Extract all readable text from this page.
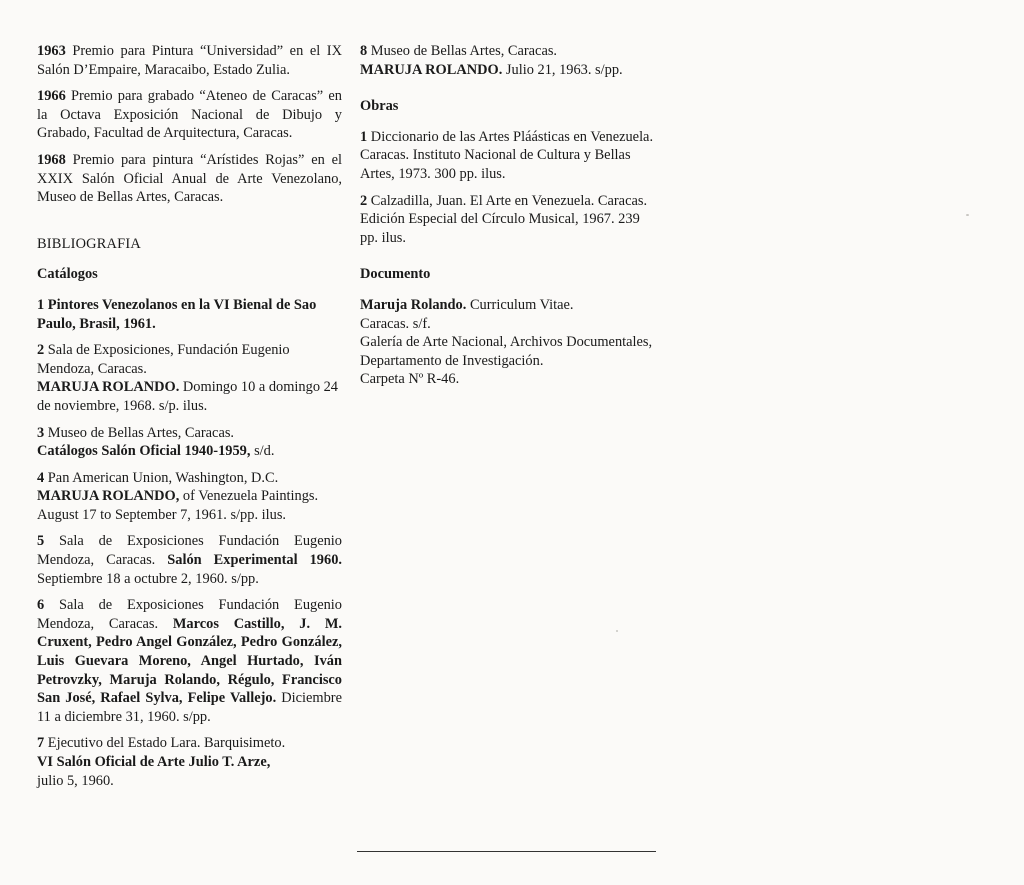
1963 Premio para Pintura “Universidad” en el IX Salón D’Empaire, Maracaibo, Estado Zulia.

1966 Premio para grabado “Ateneo de Caracas” en la Octava Exposición Nacional de Dibujo y Grabado, Facultad de Arquitectura, Caracas.

1968 Premio para pintura “Arístides Rojas” en el XXIX Salón Oficial Anual de Arte Venezolano, Museo de Bellas Artes, Caracas.

BIBLIOGRAFIA
Catálogos

1 Pintores Venezolanos en la VI Bienal de Sao Paulo, Brasil, 1961.

2 Sala de Exposiciones, Fundación Eugenio Mendoza, Caracas.
MARUJA ROLANDO. Domingo 10 a domingo 24 de noviembre, 1968. s/p. ilus.

3 Museo de Bellas Artes, Caracas.
Catálogos Salón Oficial 1940-1959, s/d.

4 Pan American Union, Washington, D.C.
MARUJA ROLANDO, of Venezuela Paintings. August 17 to September 7, 1961. s/pp. ilus.

5 Sala de Exposiciones Fundación Eugenio Mendoza, Caracas. Salón Experimental 1960. Septiembre 18 a octubre 2, 1960. s/pp.

6 Sala de Exposiciones Fundación Eugenio Mendoza, Caracas. Marcos Castillo, J. M. Cruxent, Pedro Angel González, Pedro González, Luis Guevara Moreno, Angel Hurtado, Iván Petrovzky, Maruja Rolando, Régulo, Francisco San José, Rafael Sylva, Felipe Vallejo. Diciembre 11 a diciembre 31, 1960. s/pp.

7 Ejecutivo del Estado Lara. Barquisimeto.
VI Salón Oficial de Arte Julio T. Arze,
julio 5, 1960.

8 Museo de Bellas Artes, Caracas.
MARUJA ROLANDO. Julio 21, 1963. s/pp.

Obras

1 Diccionario de las Artes Pláásticas en Venezuela. Caracas. Instituto Nacional de Cultura y Bellas Artes, 1973. 300 pp. ilus.

2 Calzadilla, Juan. El Arte en Venezuela. Caracas. Edición Especial del Círculo Musical, 1967. 239 pp. ilus.

Documento

Maruja Rolando. Curriculum Vitae.
Caracas. s/f.
Galería de Arte Nacional, Archivos Documentales, Departamento de Investigación.
Carpeta Nº R-46.
